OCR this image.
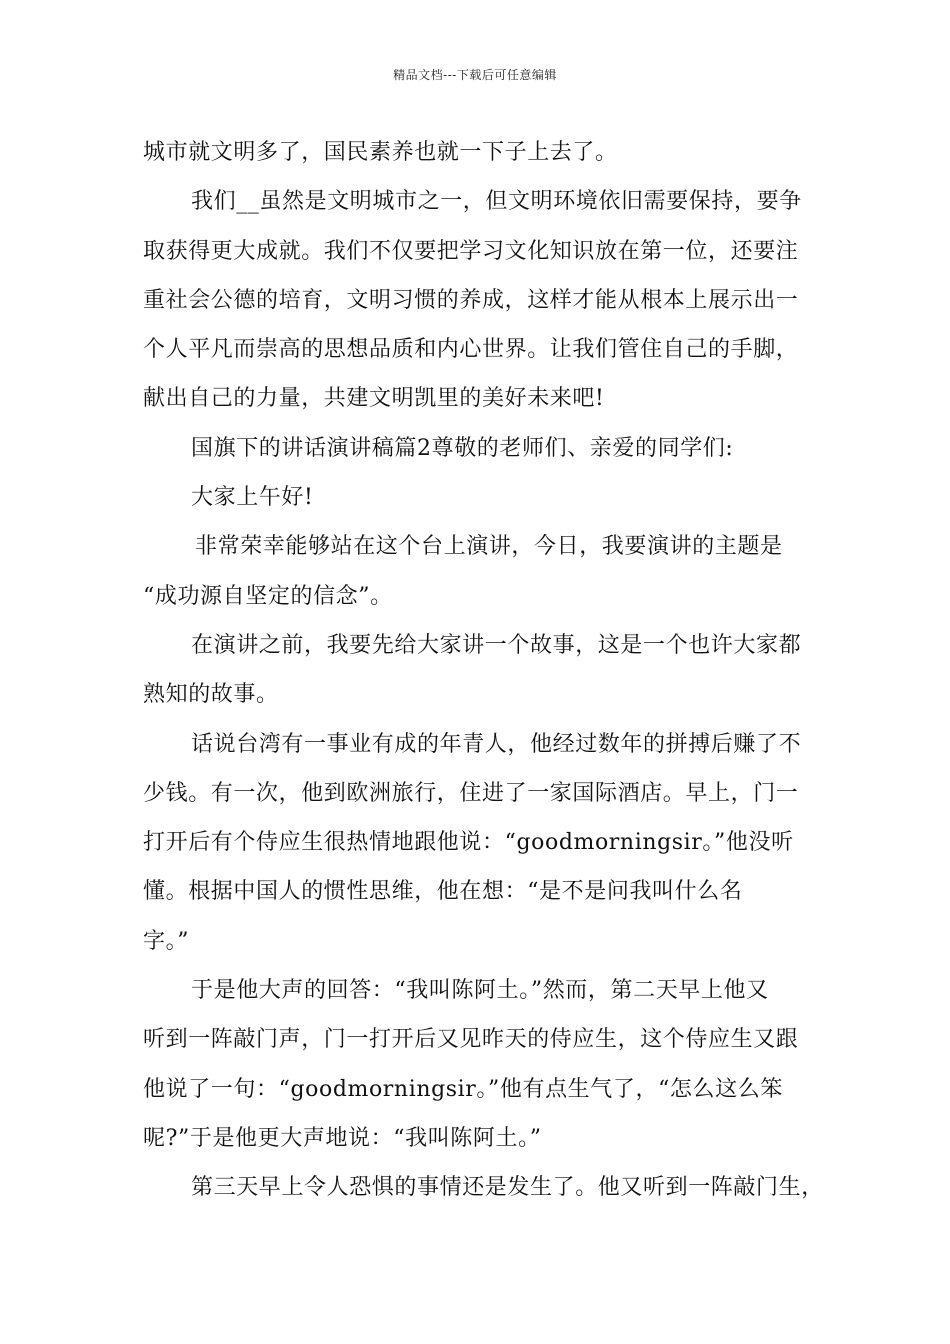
精品文档---下载后可任意编辑

城市就文明多了，国民素养也就一下子上去了。

我们__虽然是文明城市之一，但文明环境依旧需要保持，要争

取获得更大成就。我们不仅要把学习文化知识放在第一位，还要注

重社会公德的培育，文明习惯的养成，这样才能从根本上展示出一

个人平凡而崇高的思想品质和内心世界。让我们管住自己的手脚，

献出自己的力量，共建文明凯里的美好未来吧!

国旗下的讲话演讲稿篇2尊敬的老师们、亲爱的同学们:

大家上午好!

非常荣幸能够站在这个台上演讲，今日，我要演讲的主题是

“成功源自坚定的信念”。

在演讲之前，我要先给大家讲一个故事，这是一个也许大家都

熟知的故事。

话说台湾有一事业有成的年青人，他经过数年的拼搏后赚了不

少钱。有一次，他到欧洲旅行，住进了一家国际酒店。早上，门一

打开后有个侍应生很热情地跟他说：“goodmorningsir。”他没听

懂。根据中国人的惯性思维，他在想：“是不是问我叫什么名

字。”

于是他大声的回答：“我叫陈阿土。”然而，第二天早上他又

听到一阵敲门声，门一打开后又见昨天的侍应生，这个侍应生又跟

他说了一句：“goodmorningsir。”他有点生气了，“怎么这么笨

呢?”于是他更大声地说：“我叫陈阿土。”

第三天早上令人恐惧的事情还是发生了。他又听到一阵敲门生，
